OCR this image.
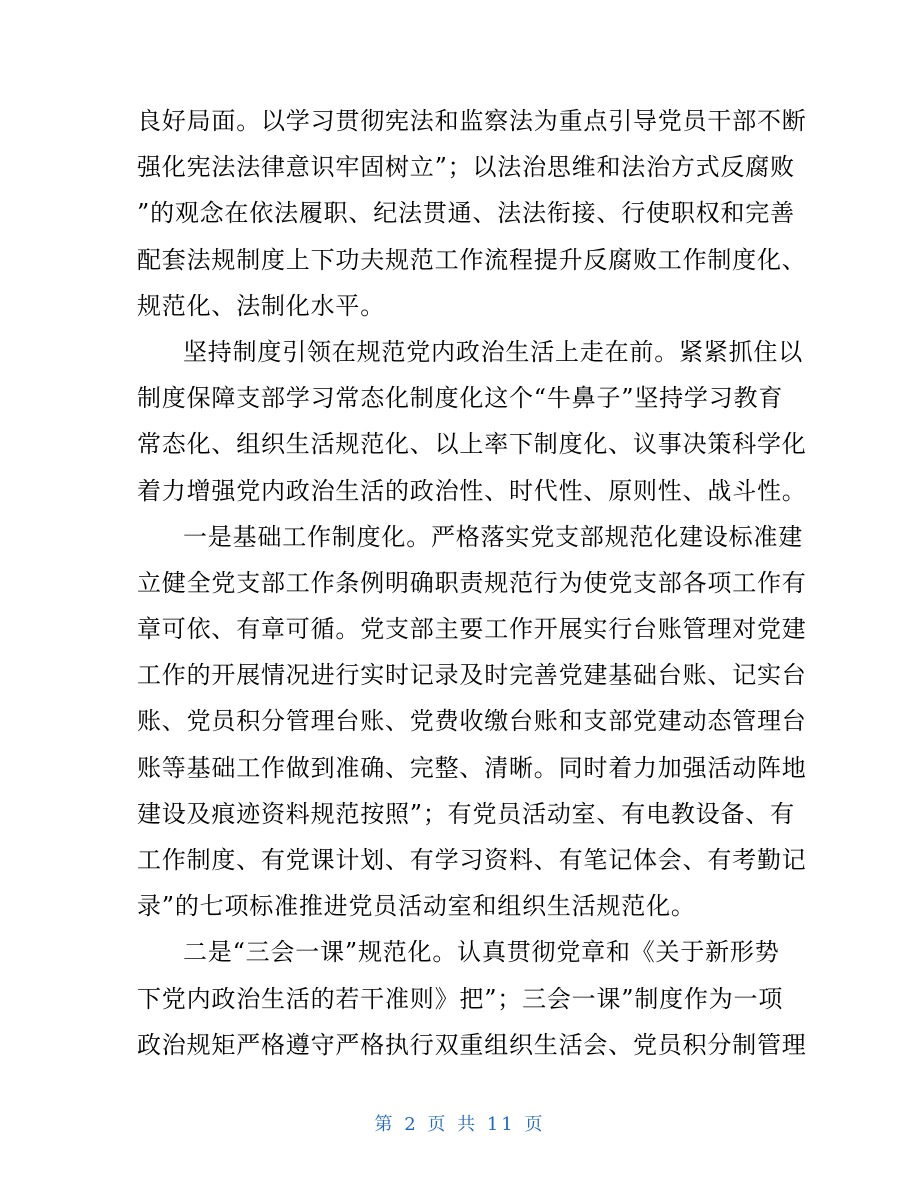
良好局面。以学习贯彻宪法和监察法为重点引导党员干部不断
强化宪法法律意识牢固树立”；以法治思维和法治方式反腐败
”的观念在依法履职、纪法贯通、法法衔接、行使职权和完善
配套法规制度上下功夫规范工作流程提升反腐败工作制度化、
规范化、法制化水平。
坚持制度引领在规范党内政治生活上走在前。紧紧抓住以
制度保障支部学习常态化制度化这个“牛鼻子”坚持学习教育
常态化、组织生活规范化、以上率下制度化、议事决策科学化
着力增强党内政治生活的政治性、时代性、原则性、战斗性。
一是基础工作制度化。严格落实党支部规范化建设标准建
立健全党支部工作条例明确职责规范行为使党支部各项工作有
章可依、有章可循。党支部主要工作开展实行台账管理对党建
工作的开展情况进行实时记录及时完善党建基础台账、记实台
账、党员积分管理台账、党费收缴台账和支部党建动态管理台
账等基础工作做到准确、完整、清晰。同时着力加强活动阵地
建设及痕迹资料规范按照”；有党员活动室、有电教设备、有
工作制度、有党课计划、有学习资料、有笔记体会、有考勤记
录”的七项标准推进党员活动室和组织生活规范化。
二是“三会一课”规范化。认真贯彻党章和《关于新形势
下党内政治生活的若干准则》把”；三会一课”制度作为一项
政治规矩严格遵守严格执行双重组织生活会、党员积分制管理
第 2 页 共 11 页
